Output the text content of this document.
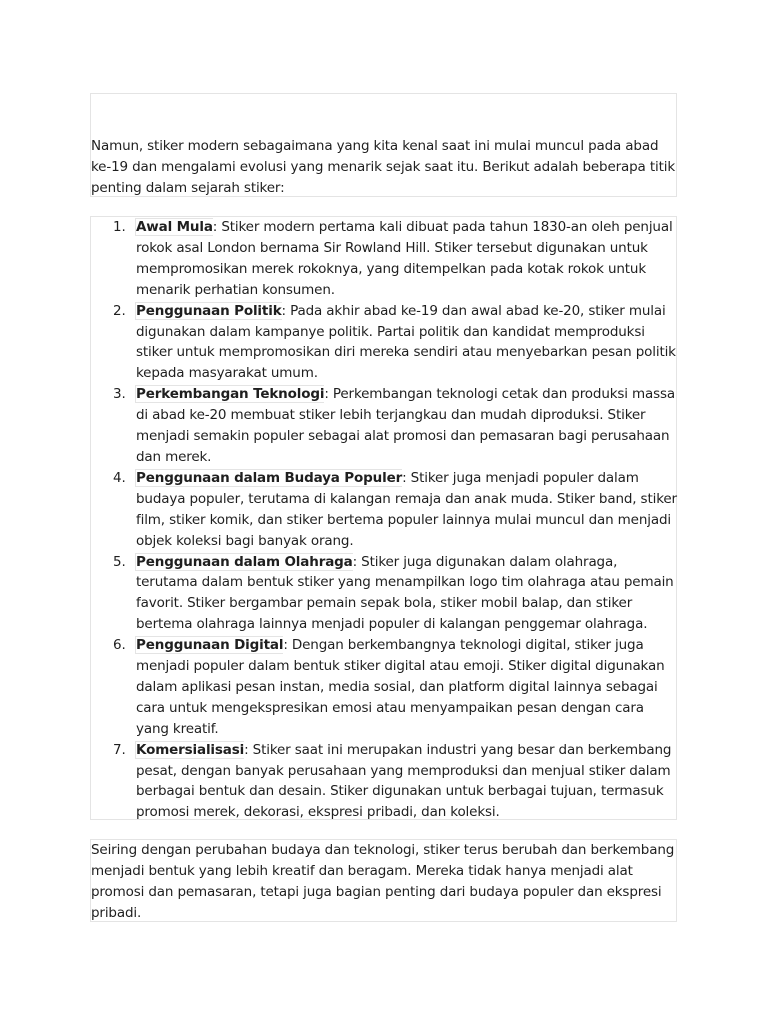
Namun, stiker modern sebagaimana yang kita kenal saat ini mulai muncul pada abad ke-19 dan mengalami evolusi yang menarik sejak saat itu. Berikut adalah beberapa titik penting dalam sejarah stiker:

1. Awal Mula: Stiker modern pertama kali dibuat pada tahun 1830-an oleh penjual rokok asal London bernama Sir Rowland Hill. Stiker tersebut digunakan untuk mempromosikan merek rokoknya, yang ditempelkan pada kotak rokok untuk menarik perhatian konsumen.
2. Penggunaan Politik: Pada akhir abad ke-19 dan awal abad ke-20, stiker mulai digunakan dalam kampanye politik. Partai politik dan kandidat memproduksi stiker untuk mempromosikan diri mereka sendiri atau menyebarkan pesan politik kepada masyarakat umum.
3. Perkembangan Teknologi: Perkembangan teknologi cetak dan produksi massa di abad ke-20 membuat stiker lebih terjangkau dan mudah diproduksi. Stiker menjadi semakin populer sebagai alat promosi dan pemasaran bagi perusahaan dan merek.
4. Penggunaan dalam Budaya Populer: Stiker juga menjadi populer dalam budaya populer, terutama di kalangan remaja dan anak muda. Stiker band, stiker film, stiker komik, dan stiker bertema populer lainnya mulai muncul dan menjadi objek koleksi bagi banyak orang.
5. Penggunaan dalam Olahraga: Stiker juga digunakan dalam olahraga, terutama dalam bentuk stiker yang menampilkan logo tim olahraga atau pemain favorit. Stiker bergambar pemain sepak bola, stiker mobil balap, dan stiker bertema olahraga lainnya menjadi populer di kalangan penggemar olahraga.
6. Penggunaan Digital: Dengan berkembangnya teknologi digital, stiker juga menjadi populer dalam bentuk stiker digital atau emoji. Stiker digital digunakan dalam aplikasi pesan instan, media sosial, dan platform digital lainnya sebagai cara untuk mengekspresikan emosi atau menyampaikan pesan dengan cara yang kreatif.
7. Komersialisasi: Stiker saat ini merupakan industri yang besar dan berkembang pesat, dengan banyak perusahaan yang memproduksi dan menjual stiker dalam berbagai bentuk dan desain. Stiker digunakan untuk berbagai tujuan, termasuk promosi merek, dekorasi, ekspresi pribadi, dan koleksi.

Seiring dengan perubahan budaya dan teknologi, stiker terus berubah dan berkembang menjadi bentuk yang lebih kreatif dan beragam. Mereka tidak hanya menjadi alat promosi dan pemasaran, tetapi juga bagian penting dari budaya populer dan ekspresi pribadi.
